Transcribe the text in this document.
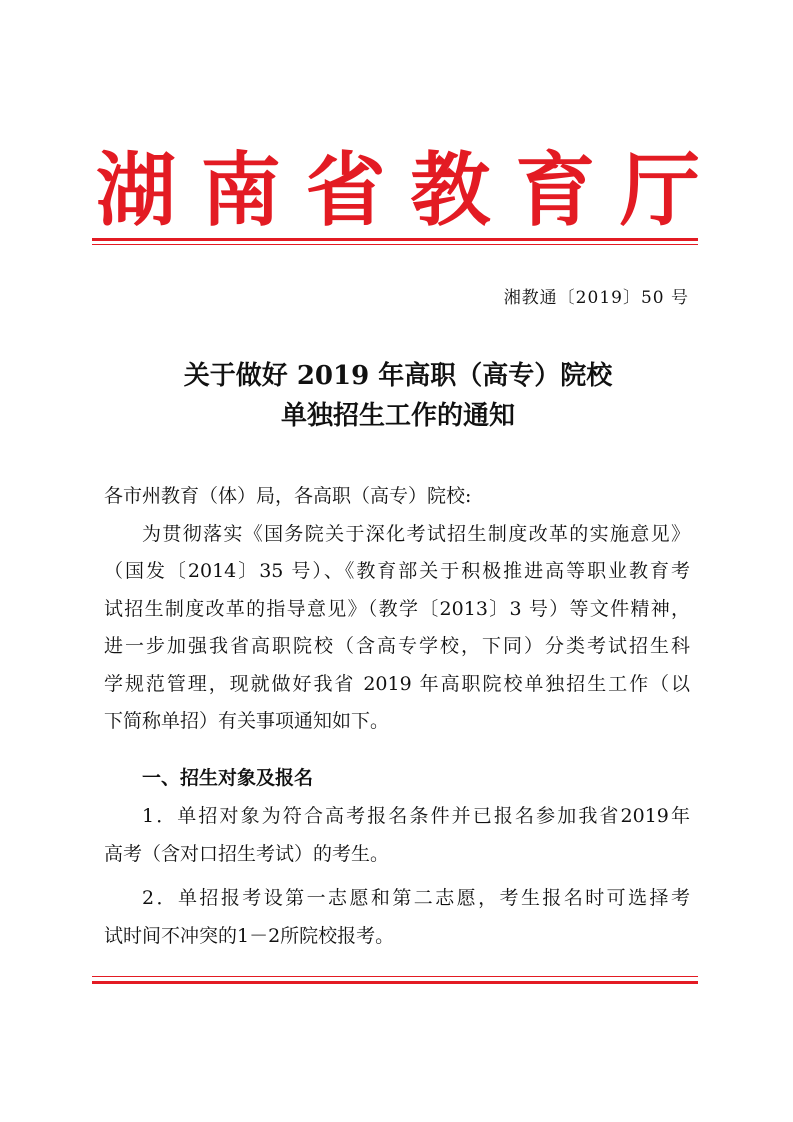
湖 南 省 教 育 厅
湘教通〔2019〕50 号
关于做好 2019 年高职（高专）院校
单独招生工作的通知
各市州教育（体）局，各高职（高专）院校:
为贯彻落实《国务院关于深化考试招生制度改革的实施意见》
（国发〔2014〕35 号）、《教育部关于积极推进高等职业教育考
试招生制度改革的指导意见》（教学〔2013〕3 号）等文件精神，
进一步加强我省高职院校（含高专学校，下同）分类考试招生科
学规范管理，现就做好我省 2019 年高职院校单独招生工作（以
下简称单招）有关事项通知如下。
一、招生对象及报名
1．单招对象为符合高考报名条件并已报名参加我省2019年
高考（含对口招生考试）的考生。
2．单招报考设第一志愿和第二志愿，考生报名时可选择考
试时间不冲突的1－2所院校报考。
